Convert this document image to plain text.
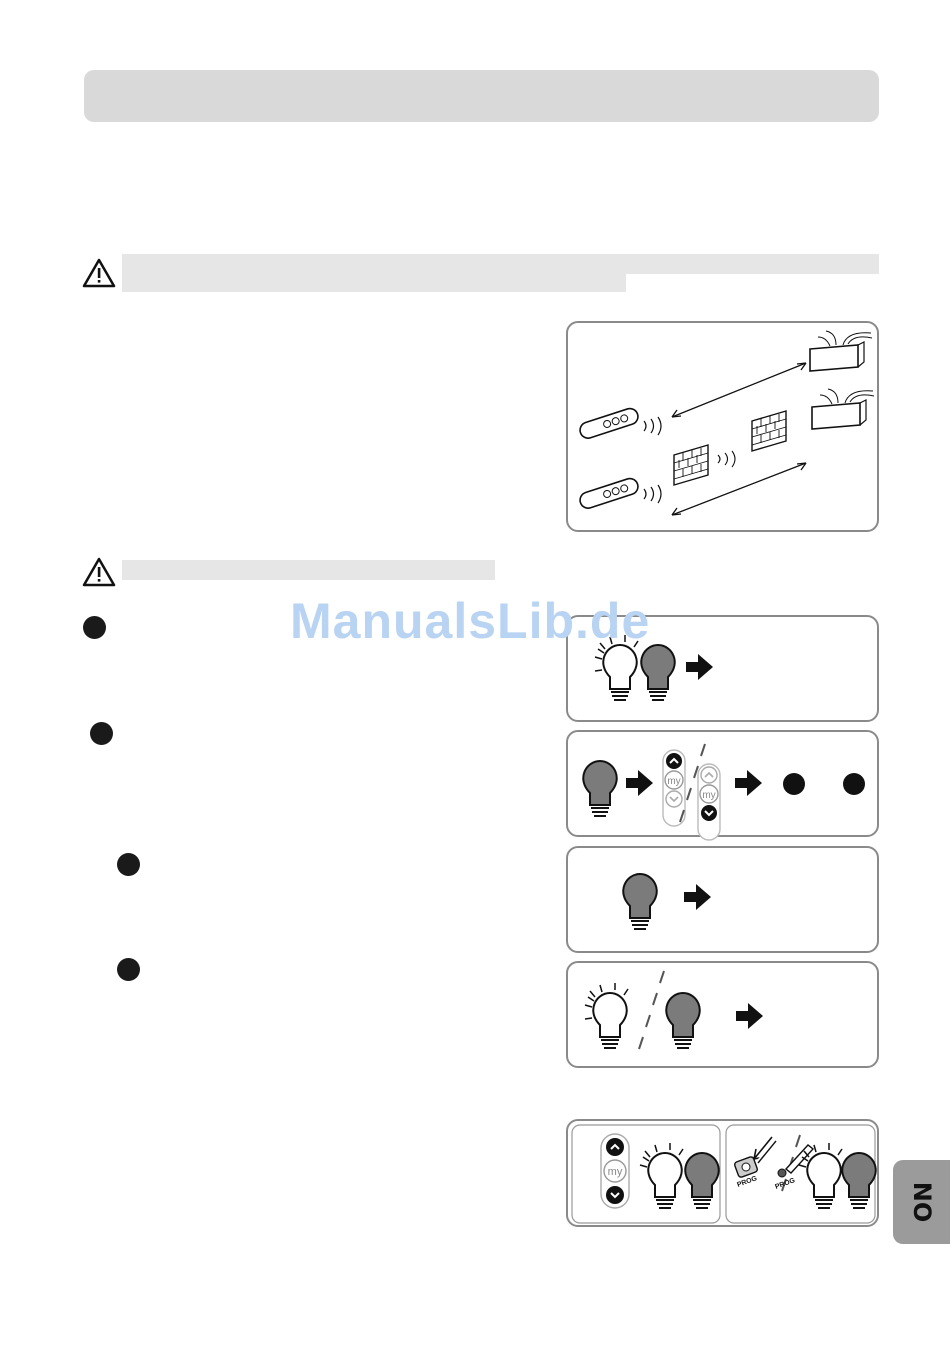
my
my
my
PROG PROG
ManualsLib.de
NO
